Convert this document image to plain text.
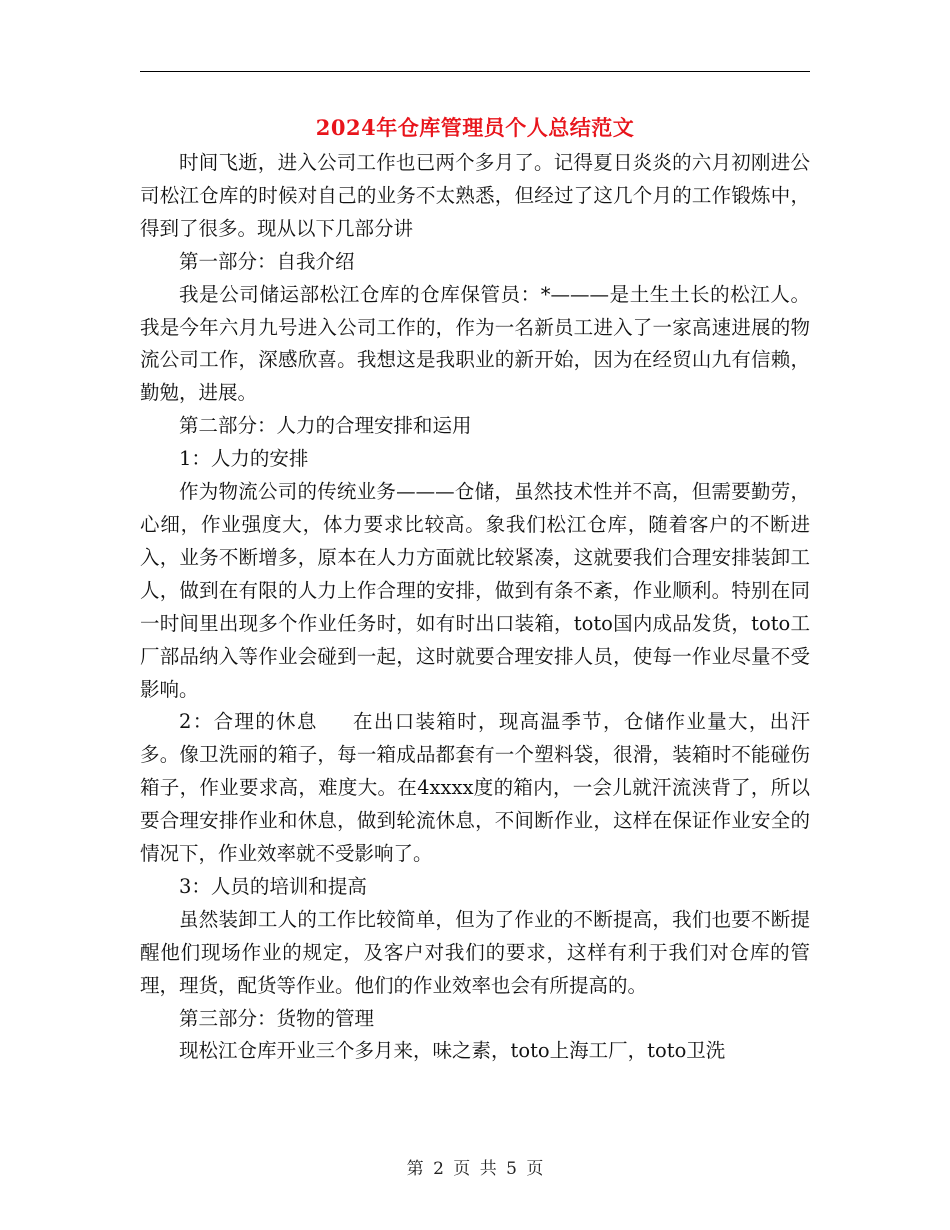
2024年仓库管理员个人总结范文

时间飞逝，进入公司工作也已两个多月了。记得夏日炎炎的六月初刚进公司松江仓库的时候对自己的业务不太熟悉，但经过了这几个月的工作锻炼中，得到了很多。现从以下几部分讲

第一部分：自我介绍

我是公司储运部松江仓库的仓库保管员：*———是土生土长的松江人。我是今年六月九号进入公司工作的，作为一名新员工进入了一家高速进展的物流公司工作，深感欣喜。我想这是我职业的新开始，因为在经贸山九有信赖，勤勉，进展。

第二部分：人力的合理安排和运用

1：人力的安排

作为物流公司的传统业务———仓储，虽然技术性并不高，但需要勤劳，心细，作业强度大，体力要求比较高。象我们松江仓库，随着客户的不断进入，业务不断增多，原本在人力方面就比较紧凑，这就要我们合理安排装卸工人，做到在有限的人力上作合理的安排，做到有条不紊，作业顺利。特别在同一时间里出现多个作业任务时，如有时出口装箱，toto国内成品发货，toto工厂部品纳入等作业会碰到一起，这时就要合理安排人员，使每一作业尽量不受影响。

2：合理的休息 在出口装箱时，现高温季节，仓储作业量大，出汗多。像卫洗丽的箱子，每一箱成品都套有一个塑料袋，很滑，装箱时不能碰伤箱子，作业要求高，难度大。在4xxxx度的箱内，一会儿就汗流浃背了，所以要合理安排作业和休息，做到轮流休息，不间断作业，这样在保证作业安全的情况下，作业效率就不受影响了。

3：人员的培训和提高

虽然装卸工人的工作比较简单，但为了作业的不断提高，我们也要不断提醒他们现场作业的规定，及客户对我们的要求，这样有利于我们对仓库的管理，理货，配货等作业。他们的作业效率也会有所提高的。

第三部分：货物的管理

现松江仓库开业三个多月来，味之素，toto上海工厂，toto卫洗

第 2 页 共 5 页
